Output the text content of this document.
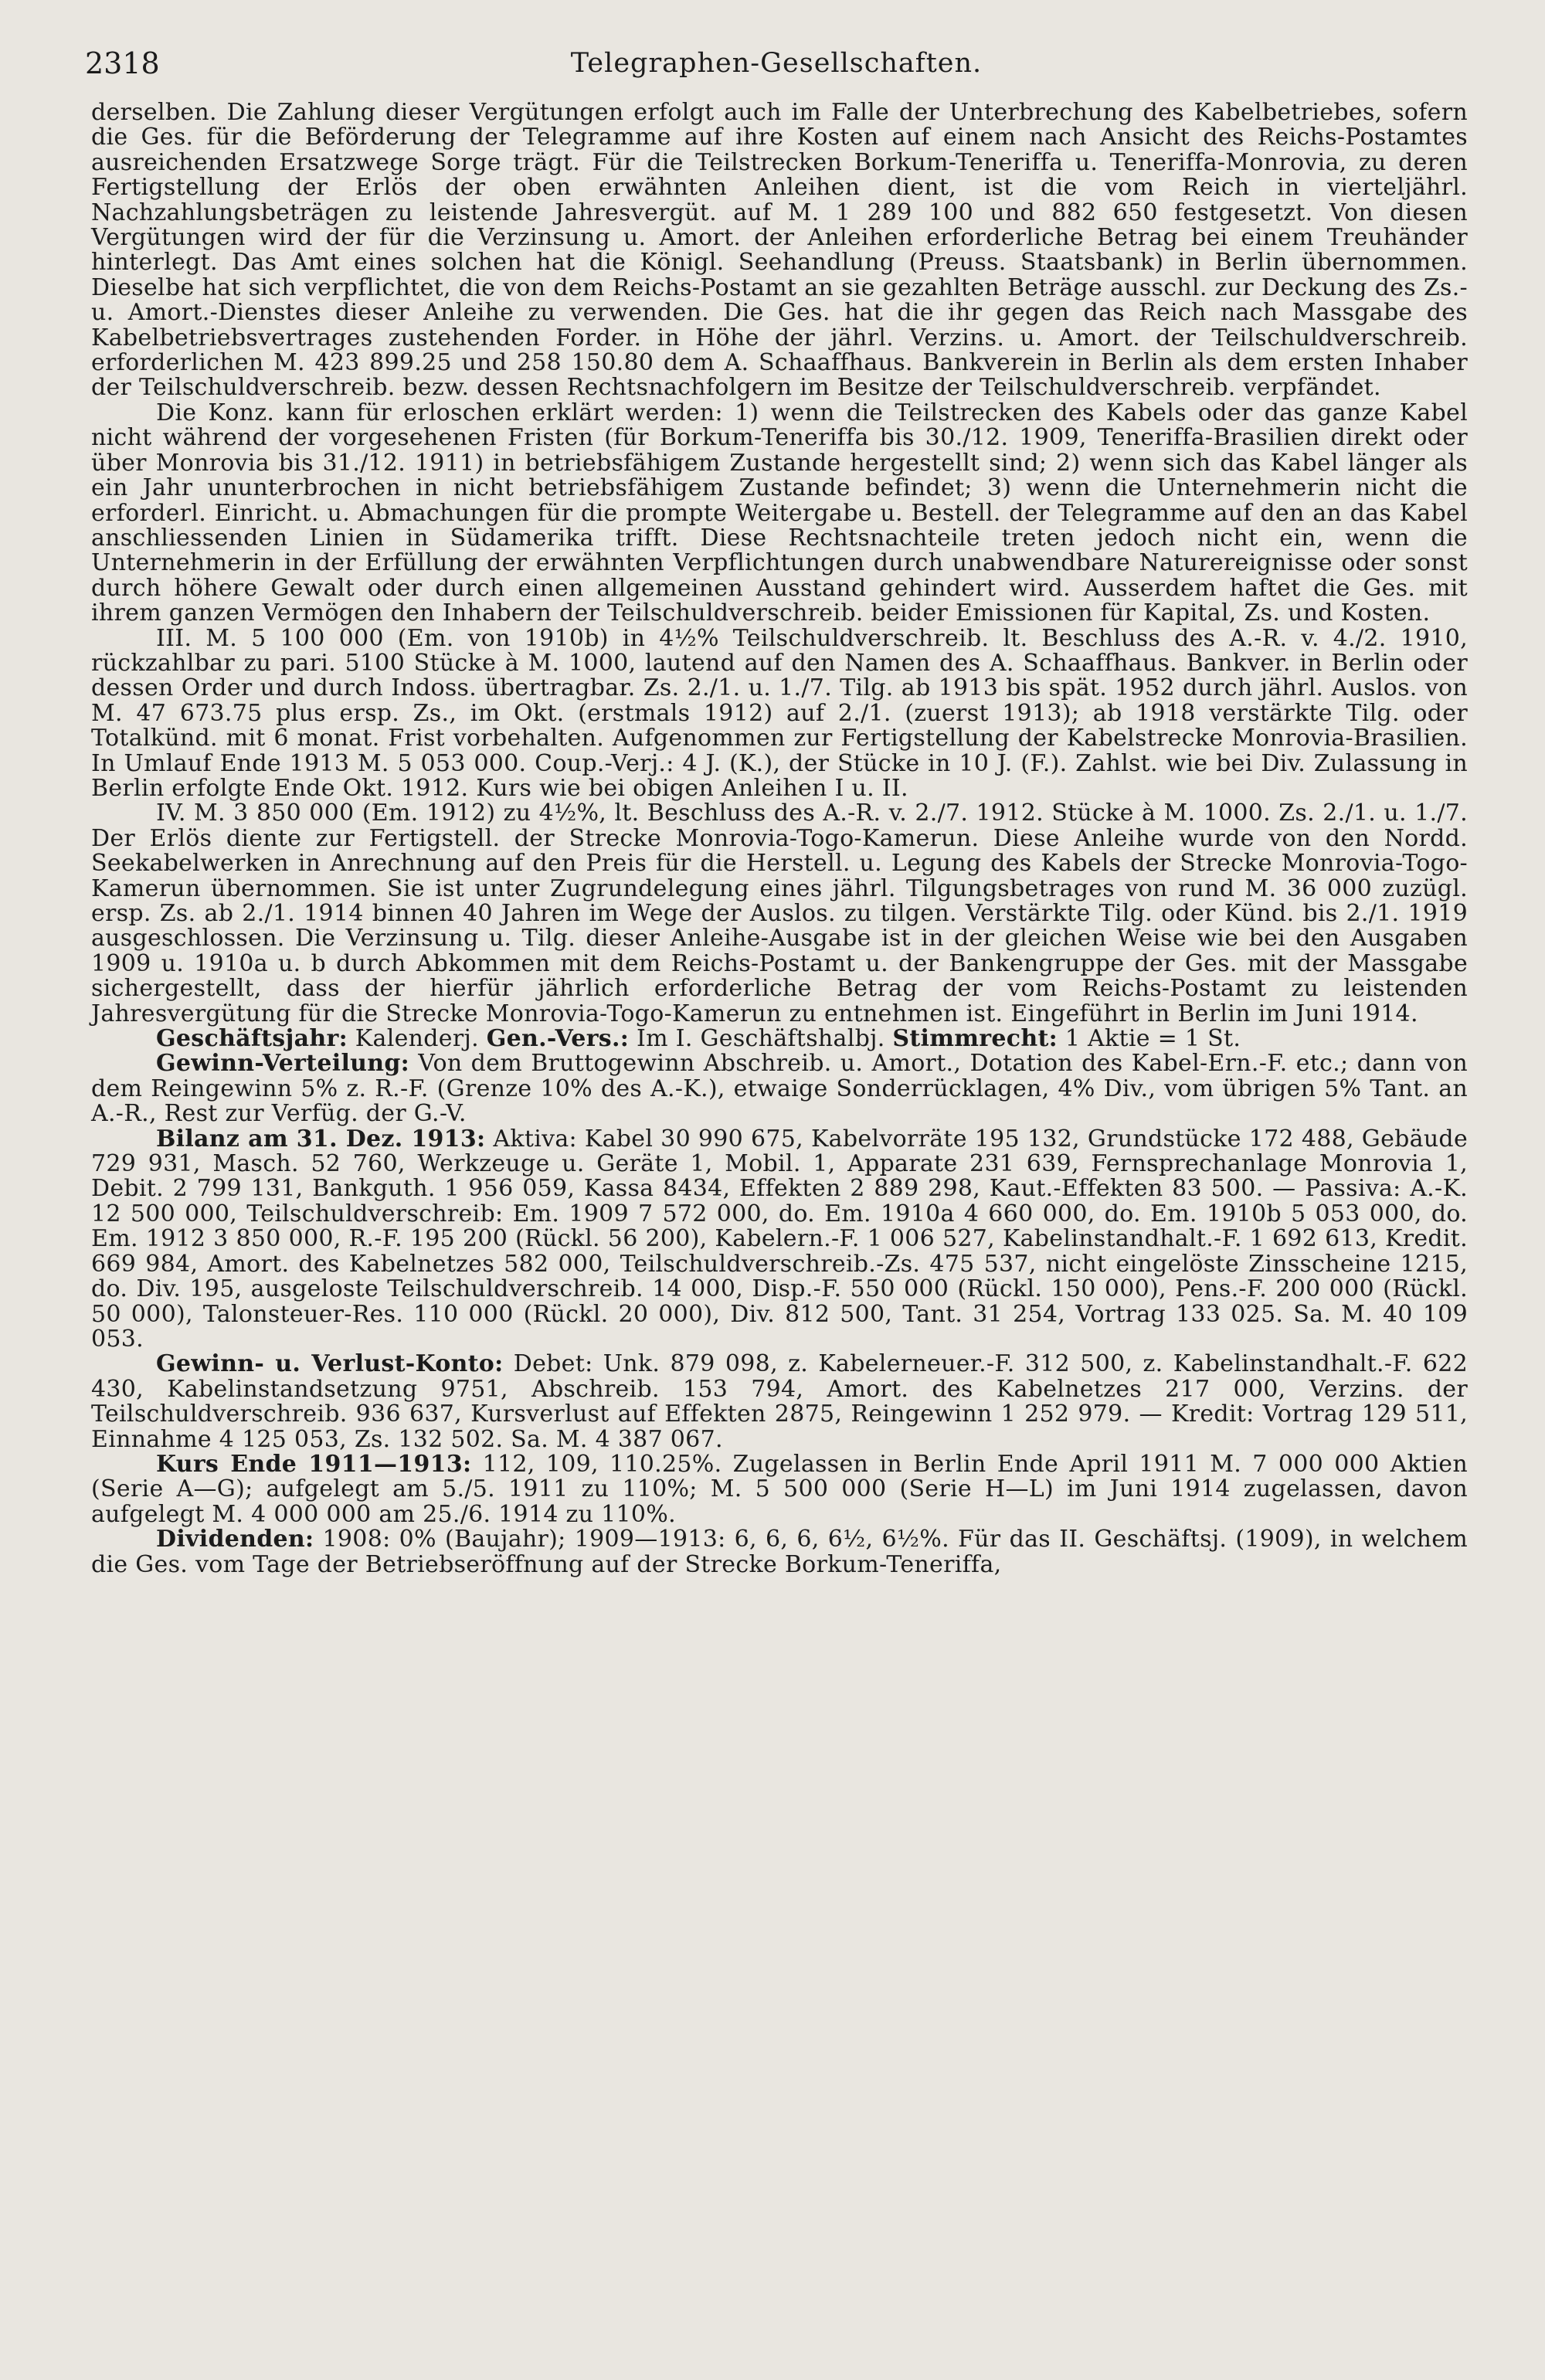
2318	Telegraphen-Gesellschaften.

derselben. Die Zahlung dieser Vergütungen erfolgt auch im Falle der Unterbrechung des Kabelbetriebes, sofern die Ges. für die Beförderung der Telegramme auf ihre Kosten auf einem nach Ansicht des Reichs-Postamtes ausreichenden Ersatzwege Sorge trägt. Für die Teilstrecken Borkum-Teneriffa u. Teneriffa-Monrovia, zu deren Fertigstellung der Erlös der oben erwähnten Anleihen dient, ist die vom Reich in vierteljährl. Nachzahlungsbeträgen zu leistende Jahresvergüt. auf M. 1 289 100 und 882 650 festgesetzt. Von diesen Vergütungen wird der für die Verzinsung u. Amort. der Anleihen erforderliche Betrag bei einem Treuhänder hinterlegt. Das Amt eines solchen hat die Königl. Seehandlung (Preuss. Staatsbank) in Berlin übernommen. Dieselbe hat sich verpflichtet, die von dem Reichs-Postamt an sie gezahlten Beträge ausschl. zur Deckung des Zs.- u. Amort.-Dienstes dieser Anleihe zu verwenden. Die Ges. hat die ihr gegen das Reich nach Massgabe des Kabelbetriebsvertrages zustehenden Forder. in Höhe der jährl. Verzins. u. Amort. der Teilschuldverschreib. erforderlichen M. 423 899.25 und 258 150.80 dem A. Schaaffhaus. Bankverein in Berlin als dem ersten Inhaber der Teilschuldverschreib. bezw. dessen Rechtsnachfolgern im Besitze der Teilschuldverschreib. verpfändet.

Die Konz. kann für erloschen erklärt werden: 1) wenn die Teilstrecken des Kabels oder das ganze Kabel nicht während der vorgesehenen Fristen (für Borkum-Teneriffa bis 30./12. 1909, Teneriffa-Brasilien direkt oder über Monrovia bis 31./12. 1911) in betriebsfähigem Zustande hergestellt sind; 2) wenn sich das Kabel länger als ein Jahr ununterbrochen in nicht betriebsfähigem Zustande befindet; 3) wenn die Unternehmerin nicht die erforderl. Einricht. u. Abmachungen für die prompte Weitergabe u. Bestell. der Telegramme auf den an das Kabel anschliessenden Linien in Südamerika trifft. Diese Rechtsnachteile treten jedoch nicht ein, wenn die Unternehmerin in der Erfüllung der erwähnten Verpflichtungen durch unabwendbare Naturereignisse oder sonst durch höhere Gewalt oder durch einen allgemeinen Ausstand gehindert wird. Ausserdem haftet die Ges. mit ihrem ganzen Vermögen den Inhabern der Teilschuldverschreib. beider Emissionen für Kapital, Zs. und Kosten.

III. M. 5 100 000 (Em. von 1910b) in 4½% Teilschuldverschreib. lt. Beschluss des A.-R. v. 4./2. 1910, rückzahlbar zu pari. 5100 Stücke à M. 1000, lautend auf den Namen des A. Schaaffhaus. Bankver. in Berlin oder dessen Order und durch Indoss. übertragbar. Zs. 2./1. u. 1./7. Tilg. ab 1913 bis spät. 1952 durch jährl. Auslos. von M. 47 673.75 plus ersp. Zs., im Okt. (erstmals 1912) auf 2./1. (zuerst 1913); ab 1918 verstärkte Tilg. oder Totalkünd. mit 6 monat. Frist vorbehalten. Aufgenommen zur Fertigstellung der Kabelstrecke Monrovia-Brasilien. In Umlauf Ende 1913 M. 5 053 000. Coup.-Verj.: 4 J. (K.), der Stücke in 10 J. (F.). Zahlst. wie bei Div. Zulassung in Berlin erfolgte Ende Okt. 1912. Kurs wie bei obigen Anleihen I u. II.

IV. M. 3 850 000 (Em. 1912) zu 4½%, lt. Beschluss des A.-R. v. 2./7. 1912. Stücke à M. 1000. Zs. 2./1. u. 1./7. Der Erlös diente zur Fertigstell. der Strecke Monrovia-Togo-Kamerun. Diese Anleihe wurde von den Nordd. Seekabelwerken in Anrechnung auf den Preis für die Herstell. u. Legung des Kabels der Strecke Monrovia-Togo-Kamerun übernommen. Sie ist unter Zugrundelegung eines jährl. Tilgungsbetrages von rund M. 36 000 zuzügl. ersp. Zs. ab 2./1. 1914 binnen 40 Jahren im Wege der Auslos. zu tilgen. Verstärkte Tilg. oder Künd. bis 2./1. 1919 ausgeschlossen. Die Verzinsung u. Tilg. dieser Anleihe-Ausgabe ist in der gleichen Weise wie bei den Ausgaben 1909 u. 1910a u. b durch Abkommen mit dem Reichs-Postamt u. der Bankengruppe der Ges. mit der Massgabe sichergestellt, dass der hierfür jährlich erforderliche Betrag der vom Reichs-Postamt zu leistenden Jahresvergütung für die Strecke Monrovia-Togo-Kamerun zu entnehmen ist. Eingeführt in Berlin im Juni 1914.

Geschäftsjahr: Kalenderj. Gen.-Vers.: Im I. Geschäftshalbj. Stimmrecht: 1 Aktie = 1 St.

Gewinn-Verteilung: Von dem Bruttogewinn Abschreib. u. Amort., Dotation des Kabel-Ern.-F. etc.; dann von dem Reingewinn 5% z. R.-F. (Grenze 10% des A.-K.), etwaige Sonderrücklagen, 4% Div., vom übrigen 5% Tant. an A.-R., Rest zur Verfüg. der G.-V.

Bilanz am 31. Dez. 1913: Aktiva: Kabel 30 990 675, Kabelvorräte 195 132, Grundstücke 172 488, Gebäude 729 931, Masch. 52 760, Werkzeuge u. Geräte 1, Mobil. 1, Apparate 231 639, Fernsprechanlage Monrovia 1, Debit. 2 799 131, Bankguth. 1 956 059, Kassa 8434, Effekten 2 889 298, Kaut.-Effekten 83 500. — Passiva: A.-K. 12 500 000, Teilschuldverschreib: Em. 1909 7 572 000, do. Em. 1910a 4 660 000, do. Em. 1910b 5 053 000, do. Em. 1912 3 850 000, R.-F. 195 200 (Rückl. 56 200), Kabelern.-F. 1 006 527, Kabelinstandhalt.-F. 1 692 613, Kredit. 669 984, Amort. des Kabelnetzes 582 000, Teilschuldverschreib.-Zs. 475 537, nicht eingelöste Zinsscheine 1215, do. Div. 195, ausgeloste Teilschuldverschreib. 14 000, Disp.-F. 550 000 (Rückl. 150 000), Pens.-F. 200 000 (Rückl. 50 000), Talonsteuer-Res. 110 000 (Rückl. 20 000), Div. 812 500, Tant. 31 254, Vortrag 133 025. Sa. M. 40 109 053.

Gewinn- u. Verlust-Konto: Debet: Unk. 879 098, z. Kabelerneuer.-F. 312 500, z. Kabelinstandhalt.-F. 622 430, Kabelinstandsetzung 9751, Abschreib. 153 794, Amort. des Kabelnetzes 217 000, Verzins. der Teilschuldverschreib. 936 637, Kursverlust auf Effekten 2875, Reingewinn 1 252 979. — Kredit: Vortrag 129 511, Einnahme 4 125 053, Zs. 132 502. Sa. M. 4 387 067.

Kurs Ende 1911—1913: 112, 109, 110.25%. Zugelassen in Berlin Ende April 1911 M. 7 000 000 Aktien (Serie A—G); aufgelegt am 5./5. 1911 zu 110%; M. 5 500 000 (Serie H—L) im Juni 1914 zugelassen, davon aufgelegt M. 4 000 000 am 25./6. 1914 zu 110%.

Dividenden: 1908: 0% (Baujahr); 1909—1913: 6, 6, 6, 6½, 6½%. Für das II. Geschäftsj. (1909), in welchem die Ges. vom Tage der Betriebseröffnung auf der Strecke Borkum-Teneriffa,
